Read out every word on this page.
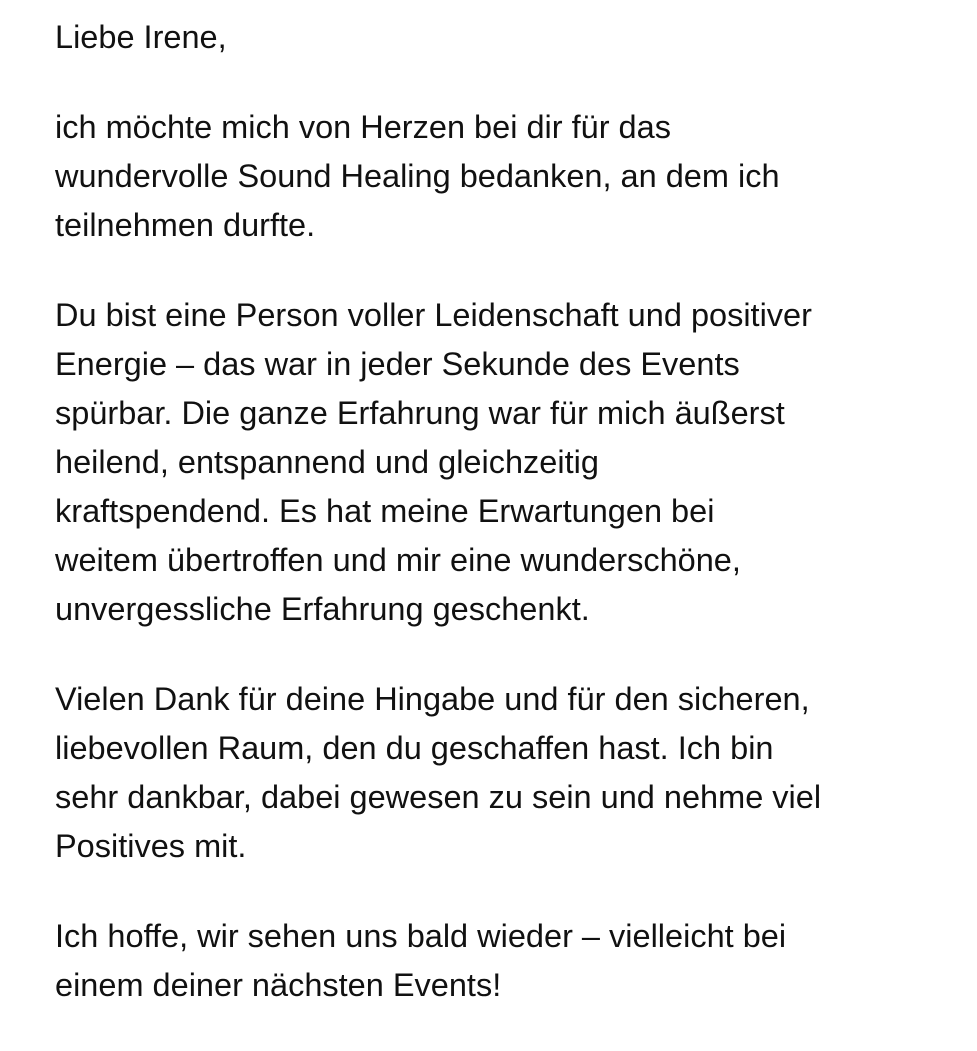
Liebe Irene,

ich möchte mich von Herzen bei dir für das
wundervolle Sound Healing bedanken, an dem ich
teilnehmen durfte.

Du bist eine Person voller Leidenschaft und positiver
Energie – das war in jeder Sekunde des Events
spürbar. Die ganze Erfahrung war für mich äußerst
heilend, entspannend und gleichzeitig
kraftspendend. Es hat meine Erwartungen bei
weitem übertroffen und mir eine wunderschöne,
unvergessliche Erfahrung geschenkt.

Vielen Dank für deine Hingabe und für den sicheren,
liebevollen Raum, den du geschaffen hast. Ich bin
sehr dankbar, dabei gewesen zu sein und nehme viel
Positives mit.

Ich hoffe, wir sehen uns bald wieder – vielleicht bei
einem deiner nächsten Events!
